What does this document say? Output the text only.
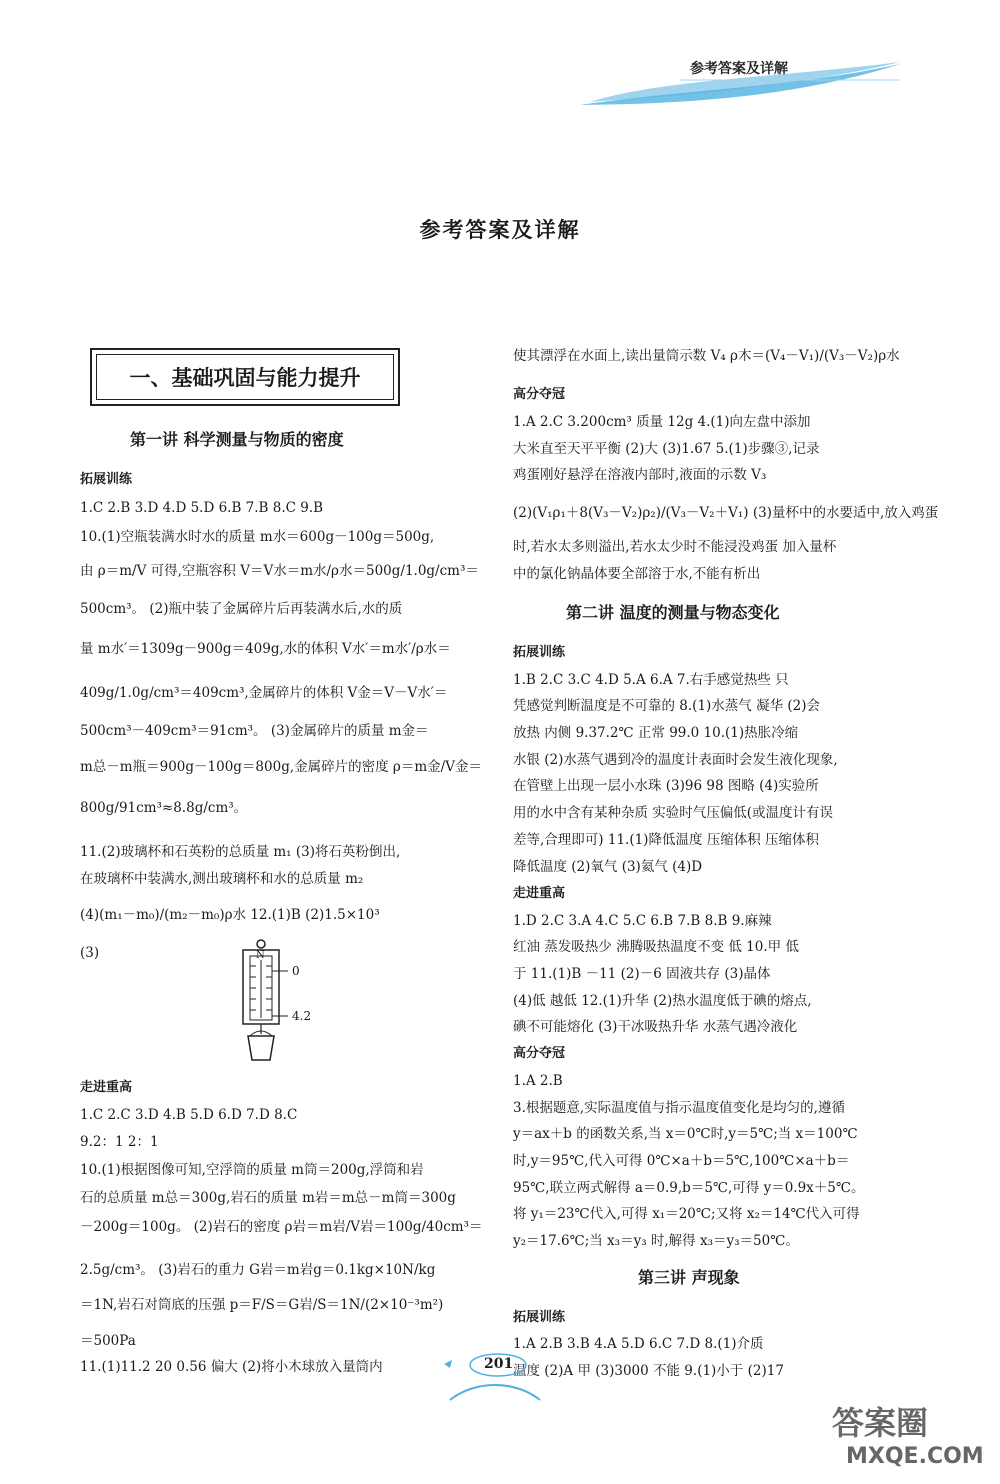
参考答案及详解
参考答案及详解
一、基础巩固与能力提升
第一讲 科学测量与物质的密度
拓展训练
1.C 2.B 3.D 4.D 5.D 6.B 7.B 8.C 9.B
10.(1)空瓶装满水时水的质量 m水＝600g－100g＝500g,
由 ρ＝m/V 可得,空瓶容积 V＝V水＝m水/ρ水＝500g/1.0g/cm³＝
500cm³。 (2)瓶中装了金属碎片后再装满水后,水的质
量 m水′＝1309g－900g＝409g,水的体积 V水′＝m水′/ρ水＝
409g/1.0g/cm³＝409cm³,金属碎片的体积 V金＝V－V水′＝
500cm³－409cm³＝91cm³。 (3)金属碎片的质量 m金＝
m总－m瓶＝900g－100g＝800g,金属碎片的密度 ρ＝m金/V金＝
800g/91cm³≈8.8g/cm³。
11.(2)玻璃杯和石英粉的总质量 m₁ (3)将石英粉倒出,
在玻璃杯中装满水,测出玻璃杯和水的总质量 m₂
(4)(m₁－m₀)/(m₂－m₀)ρ水 12.(1)B (2)1.5×10³
(3)
走进重高
1.C 2.C 3.D 4.B 5.D 6.D 7.D 8.C
9.2：1 2：1
10.(1)根据图像可知,空浮筒的质量 m筒＝200g,浮筒和岩
石的总质量 m总＝300g,岩石的质量 m岩＝m总－m筒＝300g
－200g＝100g。 (2)岩石的密度 ρ岩＝m岩/V岩＝100g/40cm³＝
2.5g/cm³。 (3)岩石的重力 G岩＝m岩g＝0.1kg×10N/kg
＝1N,岩石对筒底的压强 p＝F/S＝G岩/S＝1N/(2×10⁻³m²)
＝500Pa
11.(1)11.2 20 0.56 偏大 (2)将小木球放入量筒内
使其漂浮在水面上,读出量筒示数 V₄ ρ木＝(V₄－V₁)/(V₃－V₂)ρ水
高分夺冠
1.A 2.C 3.200cm³ 质量 12g 4.(1)向左盘中添加
大米直至天平平衡 (2)大 (3)1.67 5.(1)步骤③,记录
鸡蛋刚好悬浮在溶液内部时,液面的示数 V₃
(2)(V₁ρ₁＋8(V₃－V₂)ρ₂)/(V₃－V₂＋V₁) (3)量杯中的水要适中,放入鸡蛋
时,若水太多则溢出,若水太少时不能浸没鸡蛋 加入量杯
中的氯化钠晶体要全部溶于水,不能有析出
第二讲 温度的测量与物态变化
拓展训练
1.B 2.C 3.C 4.D 5.A 6.A 7.右手感觉热些 只
凭感觉判断温度是不可靠的 8.(1)水蒸气 凝华 (2)会
放热 内侧 9.37.2℃ 正常 99.0 10.(1)热胀冷缩
水银 (2)水蒸气遇到冷的温度计表面时会发生液化现象,
在管壁上出现一层小水珠 (3)96 98 图略 (4)实验所
用的水中含有某种杂质 实验时气压偏低(或温度计有误
差等,合理即可) 11.(1)降低温度 压缩体积 压缩体积
降低温度 (2)氧气 (3)氦气 (4)D
走进重高
1.D 2.C 3.A 4.C 5.C 6.B 7.B 8.B 9.麻辣
红油 蒸发吸热少 沸腾吸热温度不变 低 10.甲 低
于 11.(1)B －11 (2)－6 固液共存 (3)晶体
(4)低 越低 12.(1)升华 (2)热水温度低于碘的熔点,
碘不可能熔化 (3)干冰吸热升华 水蒸气遇冷液化
高分夺冠
1.A 2.B
3.根据题意,实际温度值与指示温度值变化是均匀的,遵循
y＝ax＋b 的函数关系,当 x＝0℃时,y＝5℃;当 x＝100℃
时,y＝95℃,代入可得 0℃×a＋b＝5℃,100℃×a＋b＝
95℃,联立两式解得 a＝0.9,b＝5℃,可得 y＝0.9x＋5℃。
将 y₁＝23℃代入,可得 x₁＝20℃;又将 x₂＝14℃代入可得
y₂＝17.6℃;当 x₃＝y₃ 时,解得 x₃＝y₃＝50℃。
第三讲 声现象
拓展训练
1.A 2.B 3.B 4.A 5.D 6.C 7.D 8.(1)介质
温度 (2)A 甲 (3)3000 不能 9.(1)小于 (2)17
N
0
4.2
201
答案圈
MXQE.COM
